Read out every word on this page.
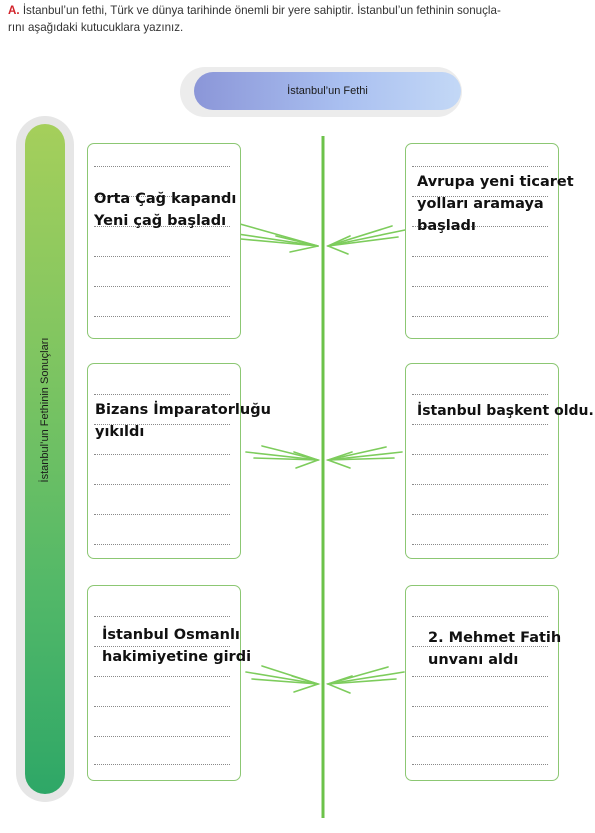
A. İstanbul’un fethi, Türk ve dünya tarihinde önemli bir yere sahiptir. İstanbul’un fethinin sonuçla-
rını aşağıdaki kutucuklara yazınız.
İstanbul’un Fethi
İstanbul’un Fethinin Sonuçları
Orta Çağ kapandı
Yeni çağ başladı
Bizans İmparatorluğu
yıkıldı
İstanbul Osmanlı
hakimiyetine girdi
Avrupa yeni ticaret
yolları aramaya
başladı
İstanbul başkent oldu.
2. Mehmet Fatih
unvanı aldı
